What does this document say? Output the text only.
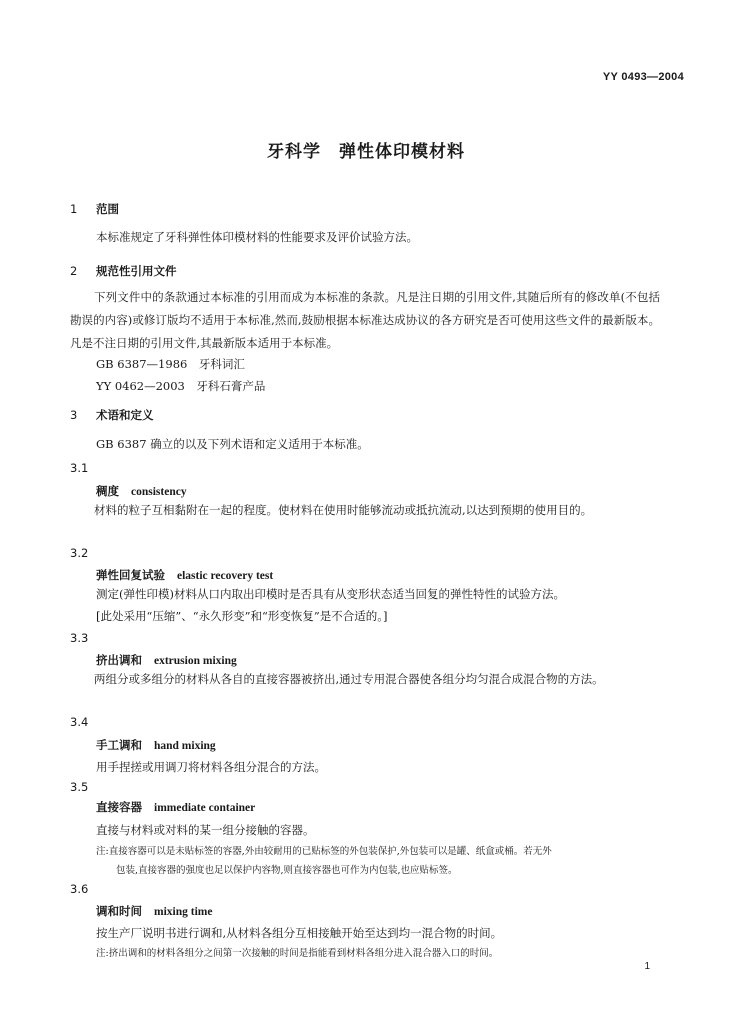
YY 0493—2004
牙科学　弹性体印模材料
1 范围
本标准规定了牙科弹性体印模材料的性能要求及评价试验方法。
2 规范性引用文件
下列文件中的条款通过本标准的引用而成为本标准的条款。凡是注日期的引用文件,其随后所有的修改单(不包括勘误的内容)或修订版均不适用于本标准,然而,鼓励根据本标准达成协议的各方研究是否可使用这些文件的最新版本。凡是不注日期的引用文件,其最新版本适用于本标准。
GB 6387—1986　牙科词汇
YY 0462—2003　牙科石膏产品
3 术语和定义
GB 6387 确立的以及下列术语和定义适用于本标准。
3.1
稠度 consistency
材料的粒子互相黏附在一起的程度。使材料在使用时能够流动或抵抗流动,以达到预期的使用目的。
3.2
弹性回复试验 elastic recovery test
测定(弹性印模)材料从口内取出印模时是否具有从变形状态适当回复的弹性特性的试验方法。
[此处采用“压缩”、“永久形变”和“形变恢复”是不合适的。]
3.3
挤出调和 extrusion mixing
两组分或多组分的材料从各自的直接容器被挤出,通过专用混合器使各组分均匀混合成混合物的方法。
3.4
手工调和 hand mixing
用手捏搓或用调刀将材料各组分混合的方法。
3.5
直接容器 immediate container
直接与材料或对料的某一组分接触的容器。
注:直接容器可以是未贴标签的容器,外由较耐用的已贴标签的外包装保护,外包装可以是罐、纸盒或桶。若无外
包装,直接容器的强度也足以保护内容物,则直接容器也可作为内包装,也应贴标签。
3.6
调和时间 mixing time
按生产厂说明书进行调和,从材料各组分互相接触开始至达到均一混合物的时间。
注:挤出调和的材料各组分之间第一次接触的时间是指能看到材料各组分进入混合器入口的时间。
1
